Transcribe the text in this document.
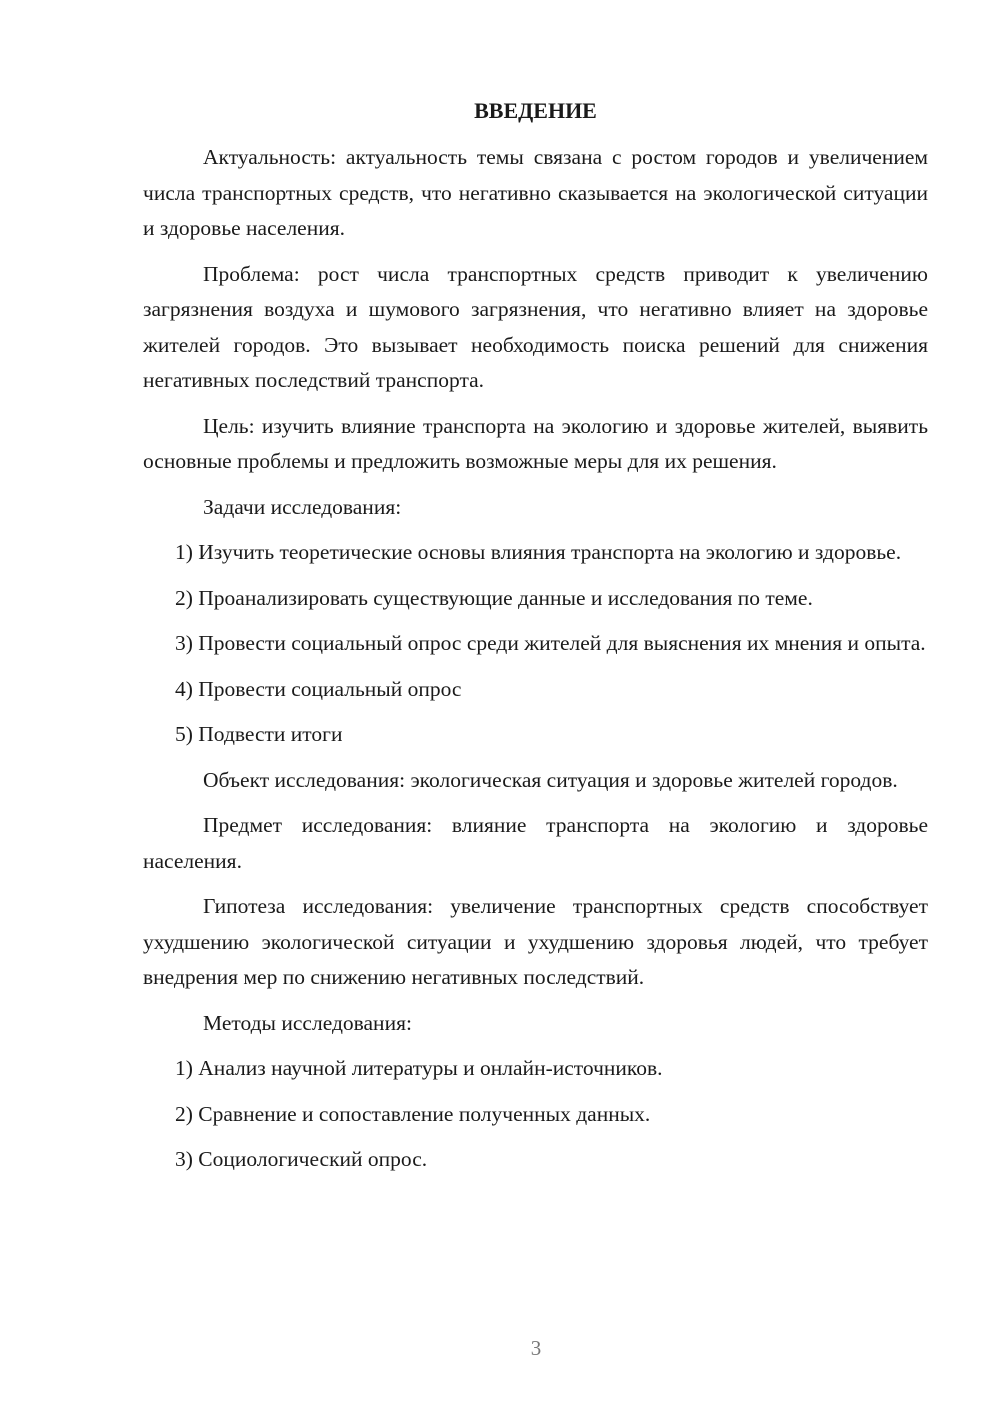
ВВЕДЕНИЕ

Актуальность: актуальность темы связана с ростом городов и увеличением числа транспортных средств, что негативно сказывается на экологической ситуации и здоровье населения.

Проблема: рост числа транспортных средств приводит к увеличению загрязнения воздуха и шумового загрязнения, что негативно влияет на здоровье жителей городов. Это вызывает необходимость поиска решений для снижения негативных последствий транспорта.

Цель: изучить влияние транспорта на экологию и здоровье жителей, выявить основные проблемы и предложить возможные меры для их решения.

Задачи исследования:

1) Изучить теоретические основы влияния транспорта на экологию и здоровье.

2) Проанализировать существующие данные и исследования по теме.

3) Провести социальный опрос среди жителей для выяснения их мнения и опыта.

4) Провести социальный опрос

5) Подвести итоги

Объект исследования: экологическая ситуация и здоровье жителей городов.

Предмет исследования: влияние транспорта на экологию и здоровье населения.

Гипотеза исследования: увеличение транспортных средств способствует ухудшению экологической ситуации и ухудшению здоровья людей, что требует внедрения мер по снижению негативных последствий.

Методы исследования:

1) Анализ научной литературы и онлайн-источников.

2) Сравнение и сопоставление полученных данных.

3) Социологический опрос.

3
